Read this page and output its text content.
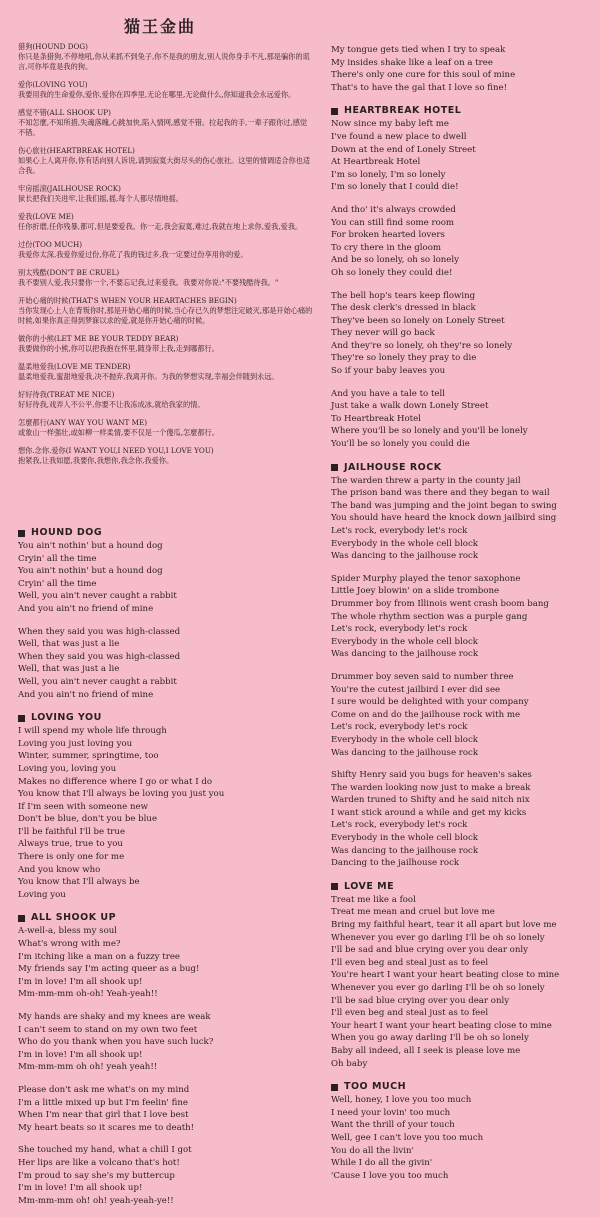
猫王金曲
猎狗(HOUND DOG)
你只是条猎狗,不停地吼,你从来抓不到兔子,你不是我的朋友,别人说你身手不凡,那是骗你的谎言,可你毕竟是我的狗。
爱你(LOVING YOU)
我要用我的生命爱你,爱你,爱你在四季里,无论在哪里,无论做什么,你知道我会永远爱你。
感觉不错(ALL SHOOK UP)
不知怎麼,不知所措,失魂落魄,心跳加快,陷入情网,感觉不错。拉起我的手,一辈子跟你过,感觉不错。
伤心旅社(HEARTBREAK HOTEL)
如果心上人离开你,你有话向别人诉说,请到寂寞大街尽头的伤心旅社。这里的情调适合你也适合我。
牢房摇滚(JAILHOUSE ROCK)
狱长把我们关进牢,让我们摇,摇,每个人都尽情地摇。
爱我(LOVE ME)
任你折磨,任你残暴,都可,但是要爱我。你一走,我会寂寞,难过,我就在地上求你,爱我,爱我。
过份(TOO MUCH)
我爱你太深,我爱你爱过份,你花了我的钱过多,我一定要过份享用你的爱。
别太残酷(DON'T BE CRUEL)
我不要别人爱,我只要你一个,不要忘记我,过来爱我。我要对你说:"不要残酷待我。"
开始心痛的时候(THAT'S WHEN YOUR HEARTACHES BEGIN)
当你发现心上人在背叛你时,那是开始心痛的时候,当心存已久的梦想注定破灭,那是开始心痛的时候,如果你真正得到梦寐以求的爱,就是你开始心痛的时候。
做你的小熊(LET ME BE YOUR TEDDY BEAR)
我要做你的小熊,你可以把我抱在怀里,随身带上我,走到哪都行。
温柔地爱我(LOVE ME TENDER)
温柔地爱我,蜜甜地爱我,决不抛弃,我离开你。为我的梦想实现,幸福会伴随到永远。
好好待我(TREAT ME NICE)
好好待我,戏弄人不公平,你要不让我冻成冰,就给我家的情。
怎麼都行(ANY WAY YOU WANT ME)
或象山一样强壮,或如柳一样柔情,要不仅是一个傻瓜,怎麼都行。
想你.念你.爱你(I WANT YOU,I NEED YOU,I LOVE YOU)
抱紧我,让我如愿,我要你,我想你,我念你,我爱你。
HOUND DOG
You ain't nothin' but a hound dog
Cryin' all the time
You ain't nothin' but a hound dog
Cryin' all the time
Well, you ain't never caught a rabbit
And you ain't no friend of mine
When they said you was high-classed
Well, that was just a lie
When they said you was high-classed
Well, that was just a lie
Well, you ain't never caught a rabbit
And you ain't no friend of mine
LOVING YOU
I will spend my whole life through
Loving you just loving you
Winter, summer, springtime, too
Loving you, loving you
Makes no difference where I go or what I do
You know that I'll always be loving you just you
If I'm seen with someone new
Don't be blue, don't you be blue
I'll be faithful I'll be true
Always true, true to you
There is only one for me
And you know who
You know that I'll always be
Loving you
ALL SHOOK UP
A-well-a, bless my soul
What's wrong with me?
I'm itching like a man on a fuzzy tree
My friends say I'm acting queer as a bug!
I'm in love! I'm all shook up!
Mm-mm-mm oh-oh! Yeah-yeah!!
My hands are shaky and my knees are weak
I can't seem to stand on my own two feet
Who do you thank when you have such luck?
I'm in love! I'm all shook up!
Mm-mm-mm oh oh! yeah yeah!!
Please don't ask me what's on my mind
I'm a little mixed up but I'm feelin' fine
When I'm near that girl that I love best
My heart beats so it scares me to death!
She touched my hand, what a chill I got
Her lips are like a volcano that's hot!
I'm proud to say she's my buttercup
I'm in love! I'm all shook up!
Mm-mm-mm oh! oh! yeah-yeah-ye!!
My tongue gets tied when I try to speak
My insides shake like a leaf on a tree
There's only one cure for this soul of mine
That's to have the gal that I love so fine!
HEARTBREAK HOTEL
Now since my baby left me
I've found a new place to dwell
Down at the end of Lonely Street
At Heartbreak Hotel
I'm so lonely, I'm so lonely
I'm so lonely that I could die!
And tho' it's always crowded
You can still find some room
For broken hearted lovers
To cry there in the gloom
And be so lonely, oh so lonely
Oh so lonely they could die!
The bell hop's tears keep flowing
The desk clerk's dressed in black
They've been so lonely on Lonely Street
They never will go back
And they're so lonely, oh they're so lonely
They're so lonely they pray to die
So if your baby leaves you
And you have a tale to tell
Just take a walk down Lonely Street
To Heartbreak Hotel
Where you'll be so lonely and you'll be lonely
You'll be so lonely you could die
JAILHOUSE ROCK
The warden threw a party in the county jail
The prison band was there and they began to wail
The band was jumping and the joint began to swing
You should have heard the knock down jailbird sing
Let's rock, everybody let's rock
Everybody in the whole cell block
Was dancing to the jailhouse rock
Spider Murphy played the tenor saxophone
Little Joey blowin' on a slide trombone
Drummer boy from Illinois went crash boom bang
The whole rhythm section was a purple gang
Let's rock, everybody let's rock
Everybody in the whole cell block
Was dancing to the jailhouse rock
Drummer boy seven said to number three
You're the cutest jailbird I ever did see
I sure would be delighted with your company
Come on and do the jailhouse rock with me
Let's rock, everybody let's rock
Everybody in the whole cell block
Was dancing to the jailhouse rock
Shifty Henry said you bugs for heaven's sakes
The warden looking now just to make a break
Warden truned to Shifty and he said nitch nix
I want stick around a while and get my kicks
Let's rock, everybody let's rock
Everybody in the whole cell block
Was dancing to the jailhouse rock
Dancing to the jailhouse rock
LOVE ME
Treat me like a fool
Treat me mean and cruel but love me
Bring my faithful heart, tear it all apart but love me
Whenever you ever go darling I'll be oh so lonely
I'll be sad and blue crying over you dear only
I'll even beg and steal just as to feel
You're heart I want your heart beating close to mine
Whenever you ever go darling I'll be oh so lonely
I'll be sad blue crying over you dear only
I'll even beg and steal just as to feel
Your heart I want your heart beating close to mine
When you go away darling I'll be oh so lonely
Baby all indeed, all I seek is please love me
Oh baby
TOO MUCH
Well, honey, I love you too much
I need your lovin' too much
Want the thrill of your touch
Well, gee I can't love you too much
You do all the livin'
While I do all the givin'
'Cause I love you too much
